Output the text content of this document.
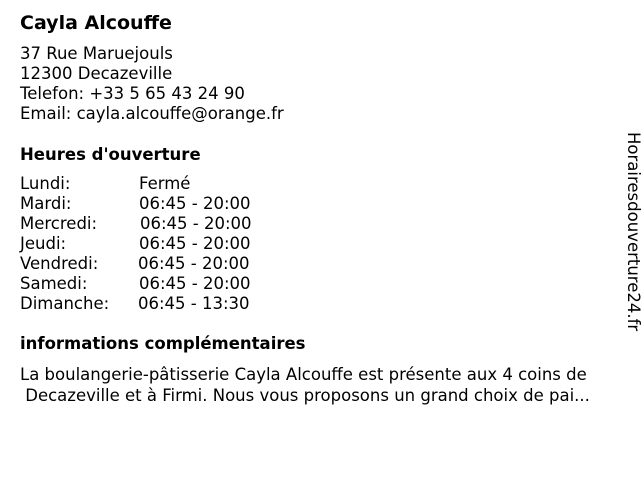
Cayla Alcouffe
37 Rue Maruejouls
12300 Decazeville
Telefon: +33 5 65 43 24 90
Email: cayla.alcouffe@orange.fr
Heures d'ouverture
Lundi:	Fermé
Mardi:	06:45 - 20:00
Mercredi:	06:45 - 20:00
Jeudi:	06:45 - 20:00
Vendredi: 06:45 - 20:00
Samedi:	06:45 - 20:00
Dimanche: 06:45 - 13:30
informations complémentaires
La boulangerie-pâtisserie Cayla Alcouffe est présente aux 4 coins de
Decazeville et à Firmi. Nous vous proposons un grand choix de pai...
Horairesdouverture24.fr
